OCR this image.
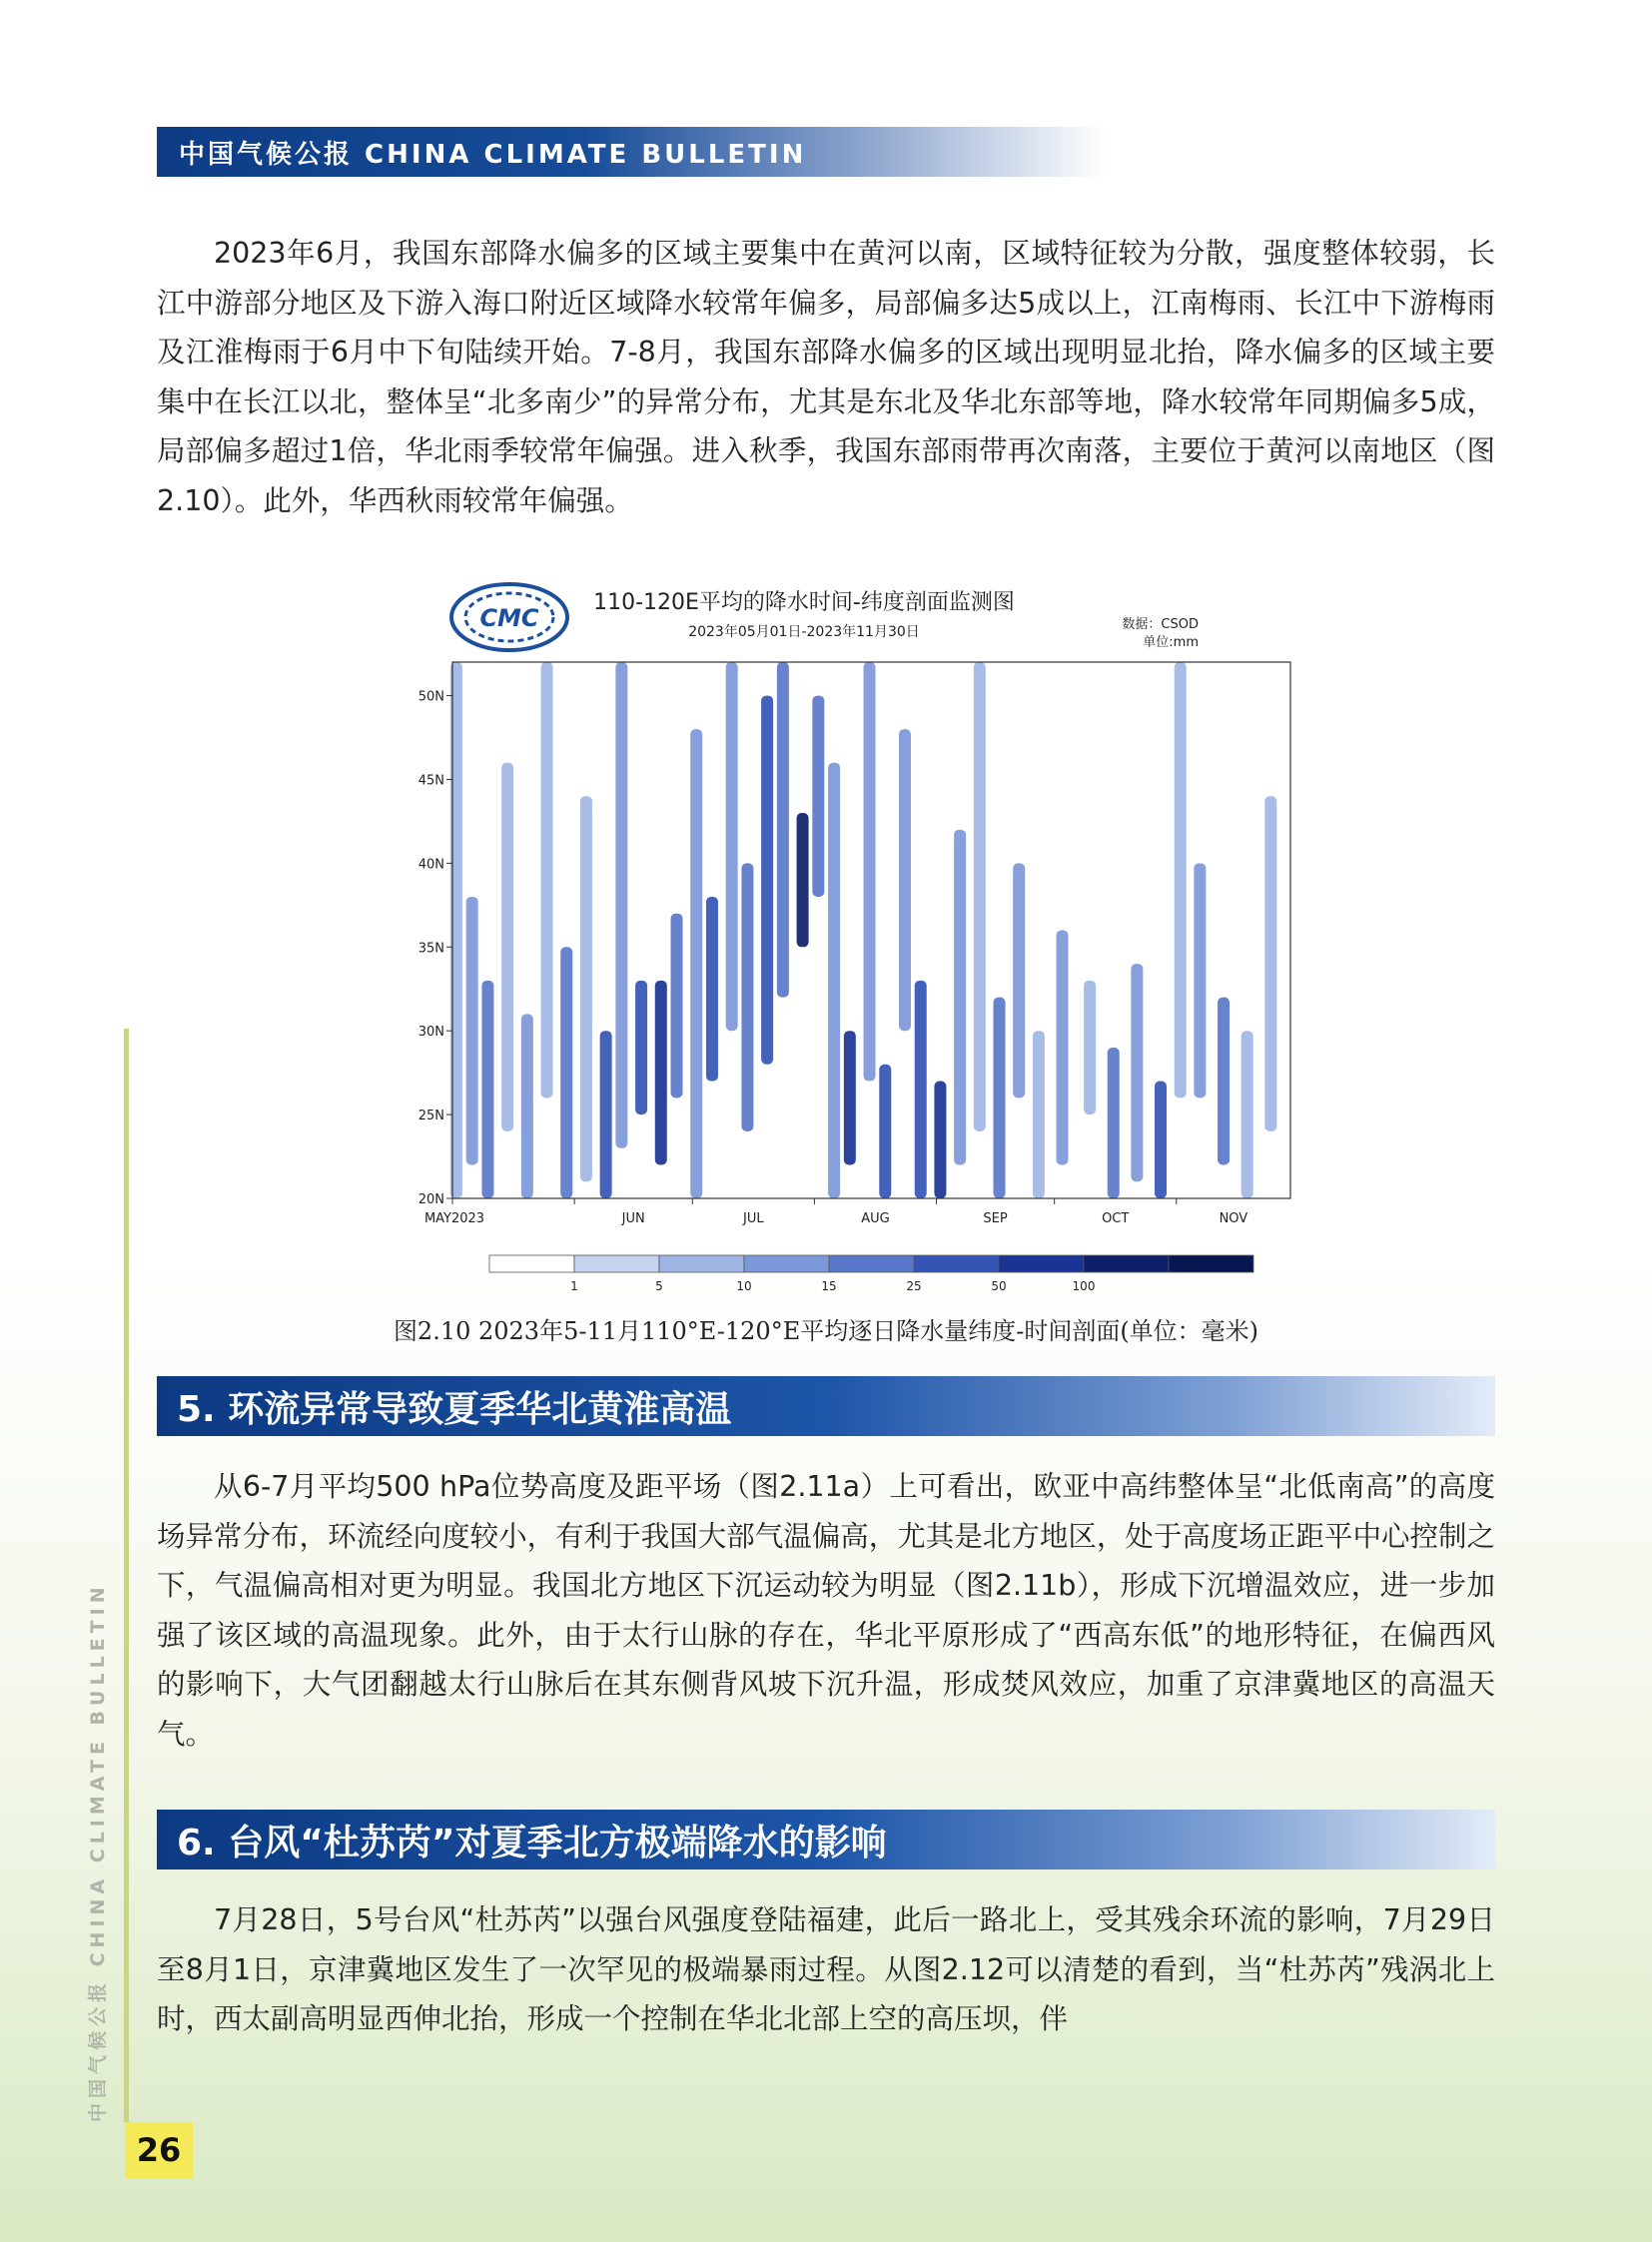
中国气候公报 CHINA CLIMATE BULLETIN

2023年6月，我国东部降水偏多的区域主要集中在黄河以南，区域特征较为分散，强度整体较弱，长江中游部分地区及下游入海口附近区域降水较常年偏多，局部偏多达5成以上，江南梅雨、长江中下游梅雨及江淮梅雨于6月中下旬陆续开始。7-8月，我国东部降水偏多的区域出现明显北抬，降水偏多的区域主要集中在长江以北，整体呈“北多南少”的异常分布，尤其是东北及华北东部等地，降水较常年同期偏多5成，局部偏多超过1倍，华北雨季较常年偏强。进入秋季，我国东部雨带再次南落，主要位于黄河以南地区（图2.10）。此外，华西秋雨较常年偏强。

CMC
110-120E平均的降水时间-纬度剖面监测图
2023年05月01日-2023年11月30日	数据：CSOD
单位:mm
20N
25N
30N
35N
40N
45N
50N
MAY2023	JUN	JUL	AUG	SEP	OCT	NOV
1	5	10	15	25	50	100
图2.10 2023年5-11月110°E-120°E平均逐日降水量纬度-时间剖面(单位：毫米)
5. 环流异常导致夏季华北黄淮高温

从6-7月平均500 hPa位势高度及距平场（图2.11a）上可看出，欧亚中高纬整体呈“北低南高”的高度场异常分布，环流经向度较小，有利于我国大部气温偏高，尤其是北方地区，处于高度场正距平中心控制之下，气温偏高相对更为明显。我国北方地区下沉运动较为明显（图2.11b），形成下沉增温效应，进一步加强了该区域的高温现象。此外，由于太行山脉的存在，华北平原形成了“西高东低”的地形特征，在偏西风的影响下，大气团翻越太行山脉后在其东侧背风坡下沉升温，形成焚风效应，加重了京津冀地区的高温天气。

6. 台风“杜苏芮”对夏季北方极端降水的影响

7月28日，5号台风“杜苏芮”以强台风强度登陆福建，此后一路北上，受其残余环流的影响，7月29日至8月1日，京津冀地区发生了一次罕见的极端暴雨过程。从图2.12可以清楚的看到，当“杜苏芮”残涡北上时，西太副高明显西伸北抬，形成一个控制在华北北部上空的高压坝，伴

中国气候公报 CHINA CLIMATE BULLETIN
26
